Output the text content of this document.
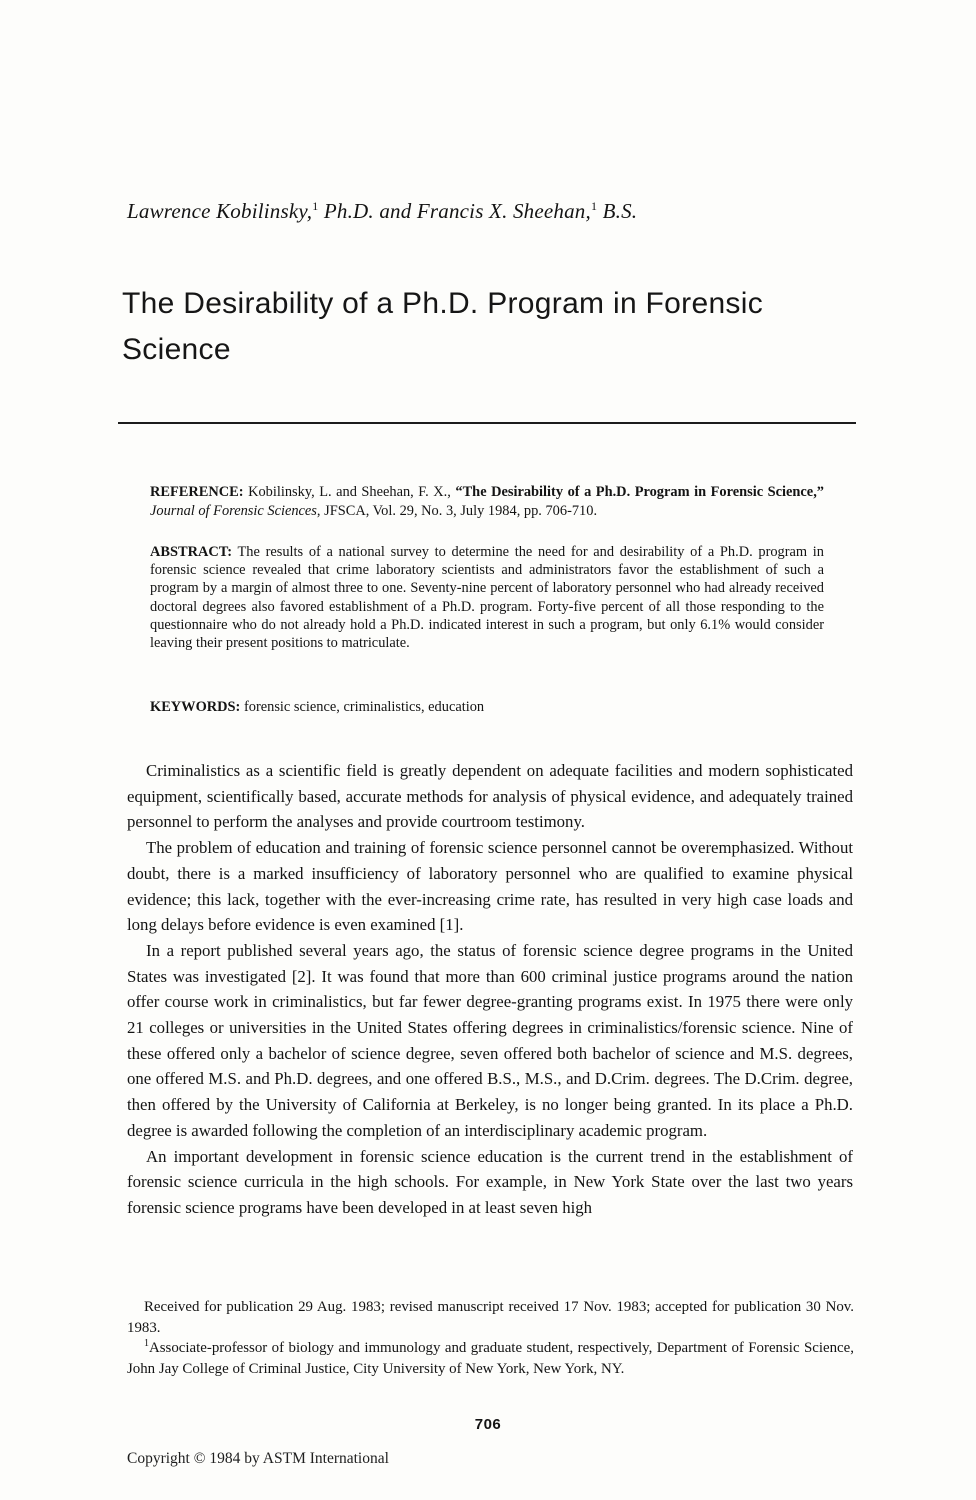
Lawrence Kobilinsky,$^1$ Ph.D. and Francis X. Sheehan,$^1$ B.S.
The Desirability of a Ph.D. Program in Forensic Science
REFERENCE: Kobilinsky, L. and Sheehan, F. X., “The Desirability of a Ph.D. Program in Forensic Science,” Journal of Forensic Sciences, JFSCA, Vol. 29, No. 3, July 1984, pp. 706-710.
ABSTRACT: The results of a national survey to determine the need for and desirability of a Ph.D. program in forensic science revealed that crime laboratory scientists and administrators favor the establishment of such a program by a margin of almost three to one. Seventy-nine percent of laboratory personnel who had already received doctoral degrees also favored establishment of a Ph.D. program. Forty-five percent of all those responding to the questionnaire who do not already hold a Ph.D. indicated interest in such a program, but only 6.1% would consider leaving their present positions to matriculate.
KEYWORDS: forensic science, criminalistics, education

Criminalistics as a scientific field is greatly dependent on adequate facilities and modern sophisticated equipment, scientifically based, accurate methods for analysis of physical evidence, and adequately trained personnel to perform the analyses and provide courtroom testimony.

The problem of education and training of forensic science personnel cannot be overemphasized. Without doubt, there is a marked insufficiency of laboratory personnel who are qualified to examine physical evidence; this lack, together with the ever-increasing crime rate, has resulted in very high case loads and long delays before evidence is even examined [1].

In a report published several years ago, the status of forensic science degree programs in the United States was investigated [2]. It was found that more than 600 criminal justice programs around the nation offer course work in criminalistics, but far fewer degree-granting programs exist. In 1975 there were only 21 colleges or universities in the United States offering degrees in criminalistics/forensic science. Nine of these offered only a bachelor of science degree, seven offered both bachelor of science and M.S. degrees, one offered M.S. and Ph.D. degrees, and one offered B.S., M.S., and D.Crim. degrees. The D.Crim. degree, then offered by the University of California at Berkeley, is no longer being granted. In its place a Ph.D. degree is awarded following the completion of an interdisciplinary academic program.

An important development in forensic science education is the current trend in the establishment of forensic science curricula in the high schools. For example, in New York State over the last two years forensic science programs have been developed in at least seven high

Received for publication 29 Aug. 1983; revised manuscript received 17 Nov. 1983; accepted for publication 30 Nov. 1983.

$^1$Associate-professor of biology and immunology and graduate student, respectively, Department of Forensic Science, John Jay College of Criminal Justice, City University of New York, New York, NY.

706
Copyright © 1984 by ASTM International
